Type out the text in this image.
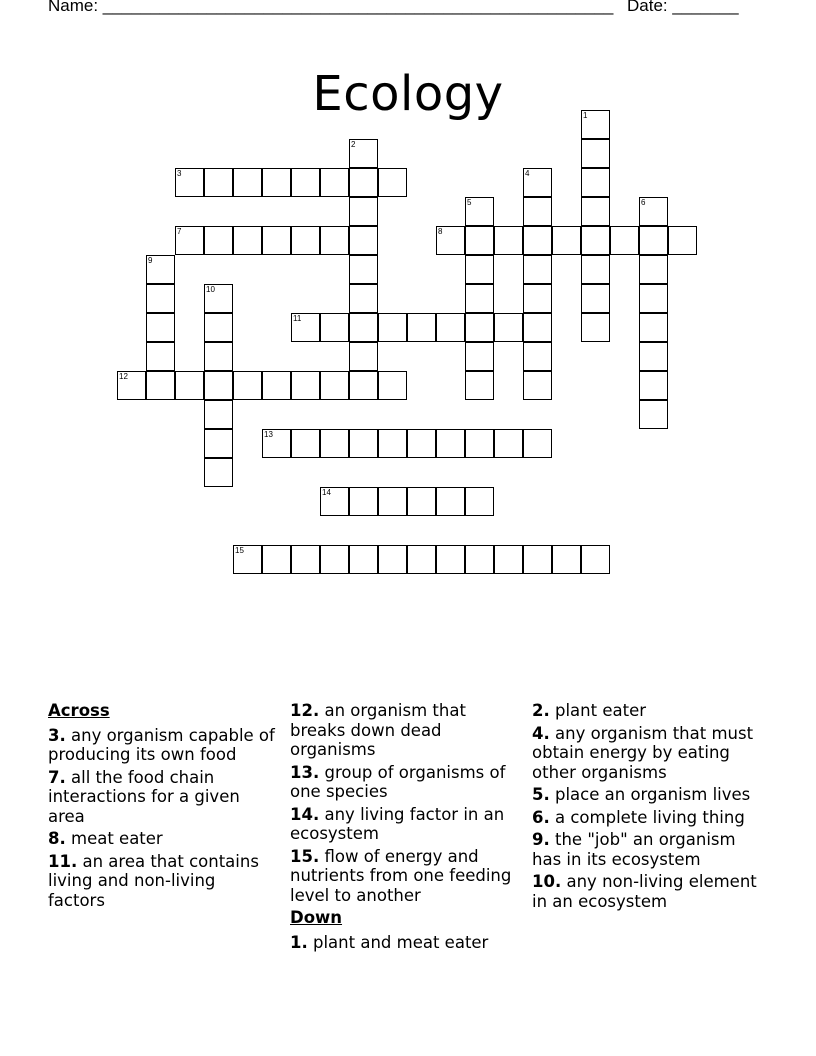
Name: ______________________________________________________ Date: _______
Ecology	1
2
3	4
5	6
7	8
9
10
11
12
13
14
15
Across
3. any organism capable of producing its own food
7. all the food chain interactions for a given area
8. meat eater
11. an area that contains living and non-living factors
12. an organism that breaks down dead organisms
13. group of organisms of one species
14. any living factor in an ecosystem
15. flow of energy and nutrients from one feeding level to another
Down
1. plant and meat eater
2. plant eater
4. any organism that must obtain energy by eating other organisms
5. place an organism lives
6. a complete living thing
9. the "job" an organism has in its ecosystem
10. any non-living element in an ecosystem
